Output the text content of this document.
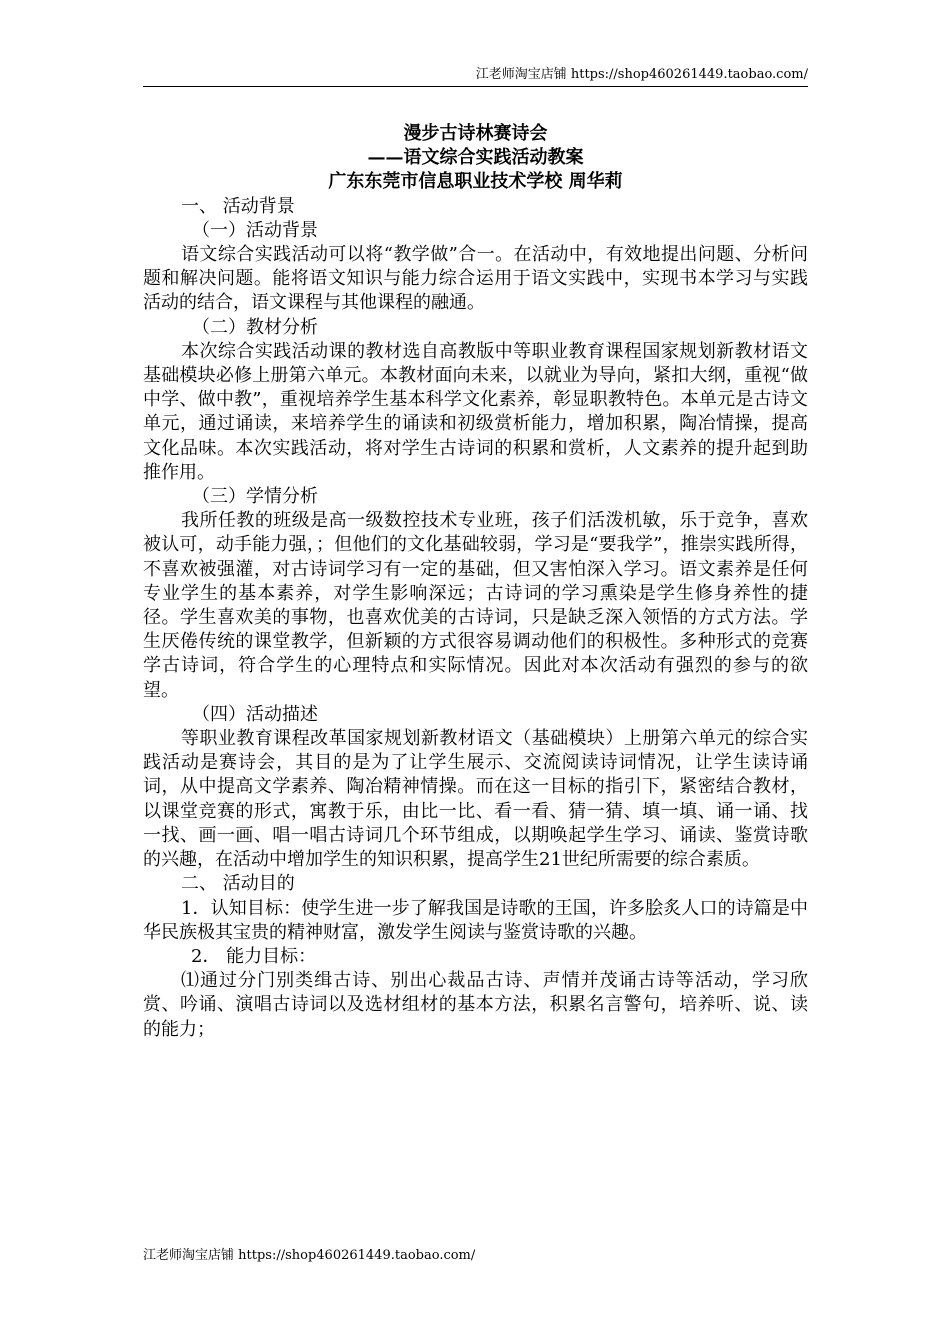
江老师淘宝店铺 https://shop460261449.taobao.com/

漫步古诗林赛诗会

——语文综合实践活动教案

广东东莞市信息职业技术学校 周华莉

一、 活动背景

（一）活动背景

语文综合实践活动可以将“教学做”合一。在活动中，有效地提出问题、分析问题和解决问题。能将语文知识与能力综合运用于语文实践中，实现书本学习与实践活动的结合，语文课程与其他课程的融通。

（二）教材分析

本次综合实践活动课的教材选自高教版中等职业教育课程国家规划新教材语文基础模块必修上册第六单元。本教材面向未来，以就业为导向，紧扣大纲，重视“做中学、做中教”，重视培养学生基本科学文化素养，彰显职教特色。本单元是古诗文单元，通过诵读，来培养学生的诵读和初级赏析能力，增加积累，陶冶情操，提高文化品味。本次实践活动，将对学生古诗词的积累和赏析，人文素养的提升起到助推作用。

（三）学情分析

我所任教的班级是高一级数控技术专业班，孩子们活泼机敏，乐于竞争，喜欢被认可，动手能力强，；但他们的文化基础较弱，学习是“要我学”，推崇实践所得，不喜欢被强灌，对古诗词学习有一定的基础，但又害怕深入学习。语文素养是任何专业学生的基本素养，对学生影响深远；古诗词的学习熏染是学生修身养性的捷径。学生喜欢美的事物，也喜欢优美的古诗词，只是缺乏深入领悟的方式方法。学生厌倦传统的课堂教学，但新颖的方式很容易调动他们的积极性。多种形式的竞赛学古诗词，符合学生的心理特点和实际情况。因此对本次活动有强烈的参与的欲望。

（四）活动描述

等职业教育课程改革国家规划新教材语文（基础模块）上册第六单元的综合实践活动是赛诗会，其目的是为了让学生展示、交流阅读诗词情况，让学生读诗诵词，从中提高文学素养、陶冶精神情操。而在这一目标的指引下，紧密结合教材，以课堂竞赛的形式，寓教于乐，由比一比、看一看、猜一猜、填一填、诵一诵、找一找、画一画、唱一唱古诗词几个环节组成，以期唤起学生学习、诵读、鉴赏诗歌的兴趣，在活动中增加学生的知识积累，提高学生21世纪所需要的综合素质。

二、 活动目的

1．认知目标：使学生进一步了解我国是诗歌的王国，许多脍炙人口的诗篇是中华民族极其宝贵的精神财富，激发学生阅读与鉴赏诗歌的兴趣。

2． 能力目标：

⑴通过分门别类缉古诗、别出心裁品古诗、声情并茂诵古诗等活动，学习欣赏、吟诵、演唱古诗词以及选材组材的基本方法，积累名言警句，培养听、说、读的能力；

江老师淘宝店铺 https://shop460261449.taobao.com/
